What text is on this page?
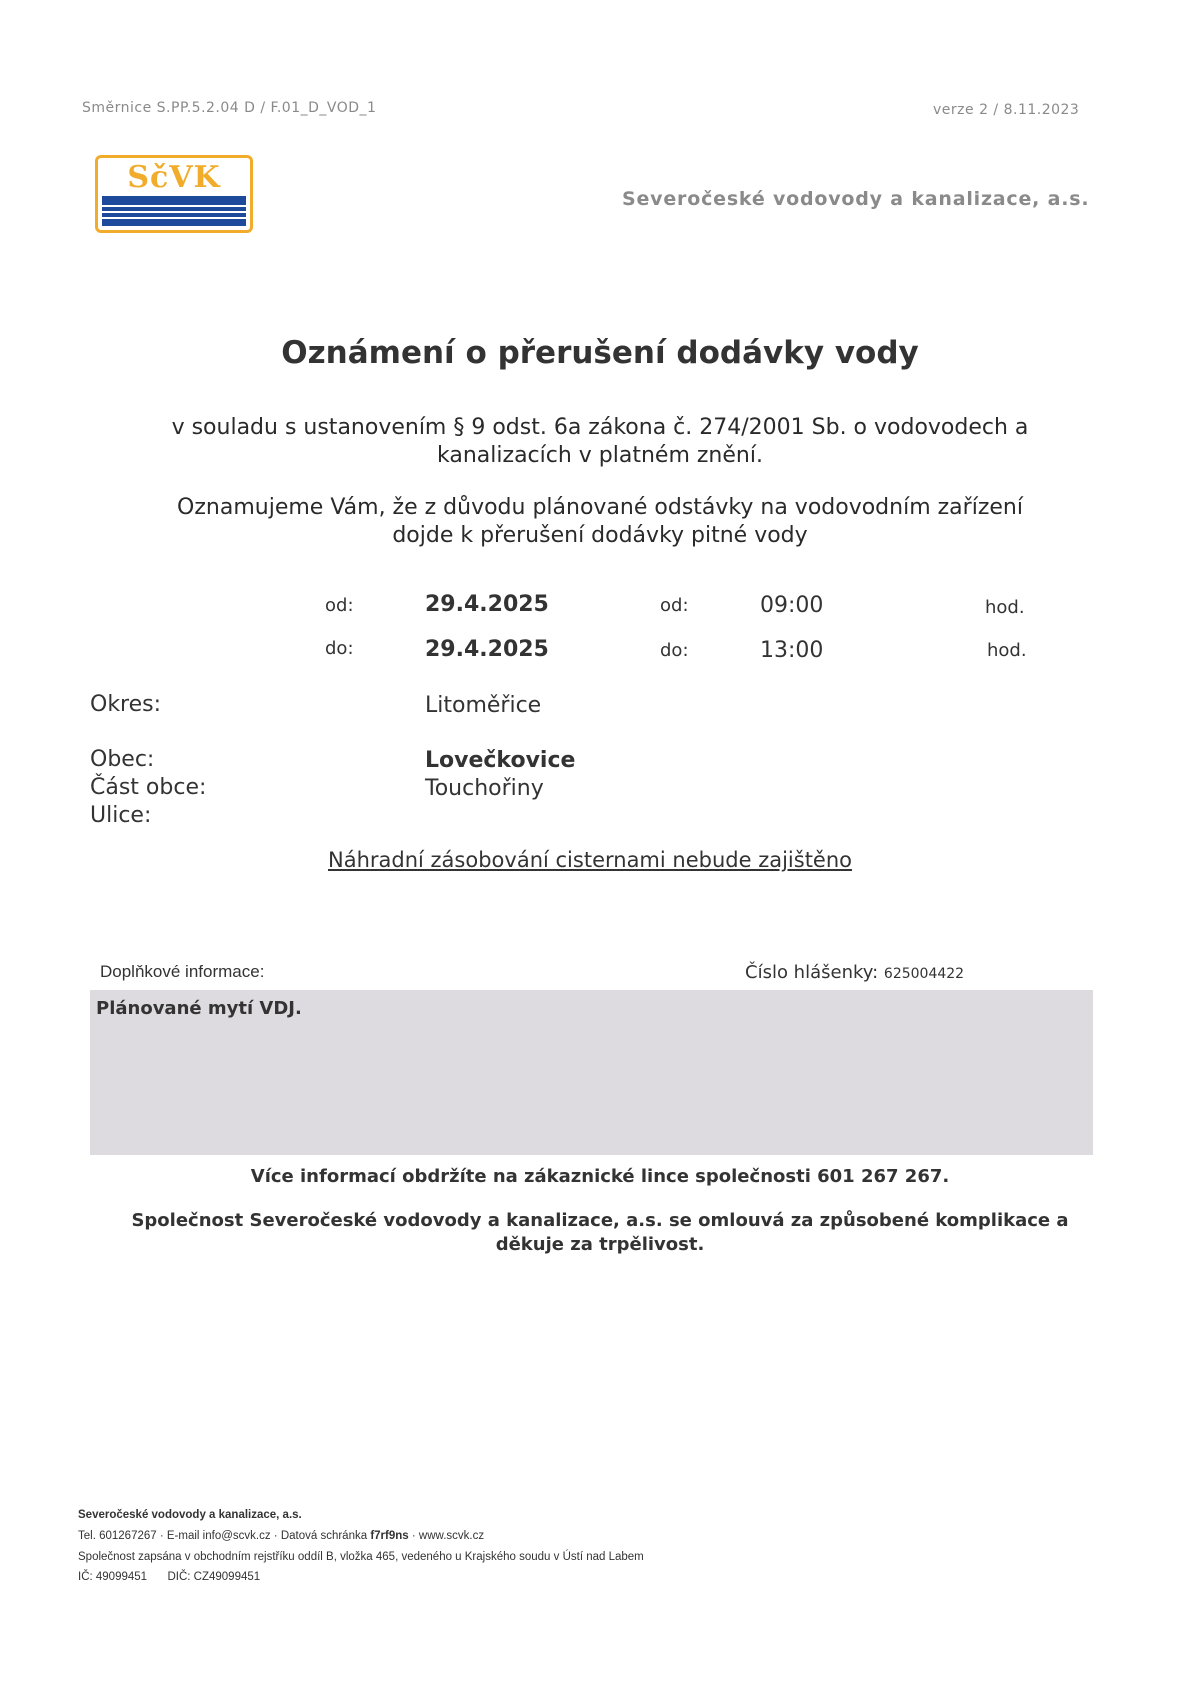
Směrnice S.PP.5.2.04 D / F.01_D_VOD_1	verze 2 / 8.11.2023
SčVK
Severočeské vodovody a kanalizace, a.s.
Oznámení o přerušení dodávky vody
v souladu s ustanovením § 9 odst. 6a zákona č. 274/2001 Sb. o vodovodech a
kanalizacích v platném znění.
Oznamujeme Vám, že z důvodu plánované odstávky na vodovodním zařízení
dojde k přerušení dodávky pitné vody
od:	29.4.2025	od:	09:00	hod.
do:	29.4.2025	do:	13:00	hod.
Okres:	Litoměřice
Obec:	Lovečkovice
Část obce:	Touchořiny
Ulice:
Náhradní zásobování cisternami nebude zajištěno
Doplňkové informace:	Číslo hlášenky: 625004422
Plánované mytí VDJ.
Více informací obdržíte na zákaznické lince společnosti 601 267 267.
Společnost Severočeské vodovody a kanalizace, a.s. se omlouvá za způsobené komplikace a
děkuje za trpělivost.
Severočeské vodovody a kanalizace, a.s.
Tel. 601267267 · E-mail info@scvk.cz · Datová schránka f7rf9ns · www.scvk.cz
Společnost zapsána v obchodním rejstříku oddíl B, vložka 465, vedeného u Krajského soudu v Ústí nad Labem
IČ: 49099451 DIČ: CZ49099451
